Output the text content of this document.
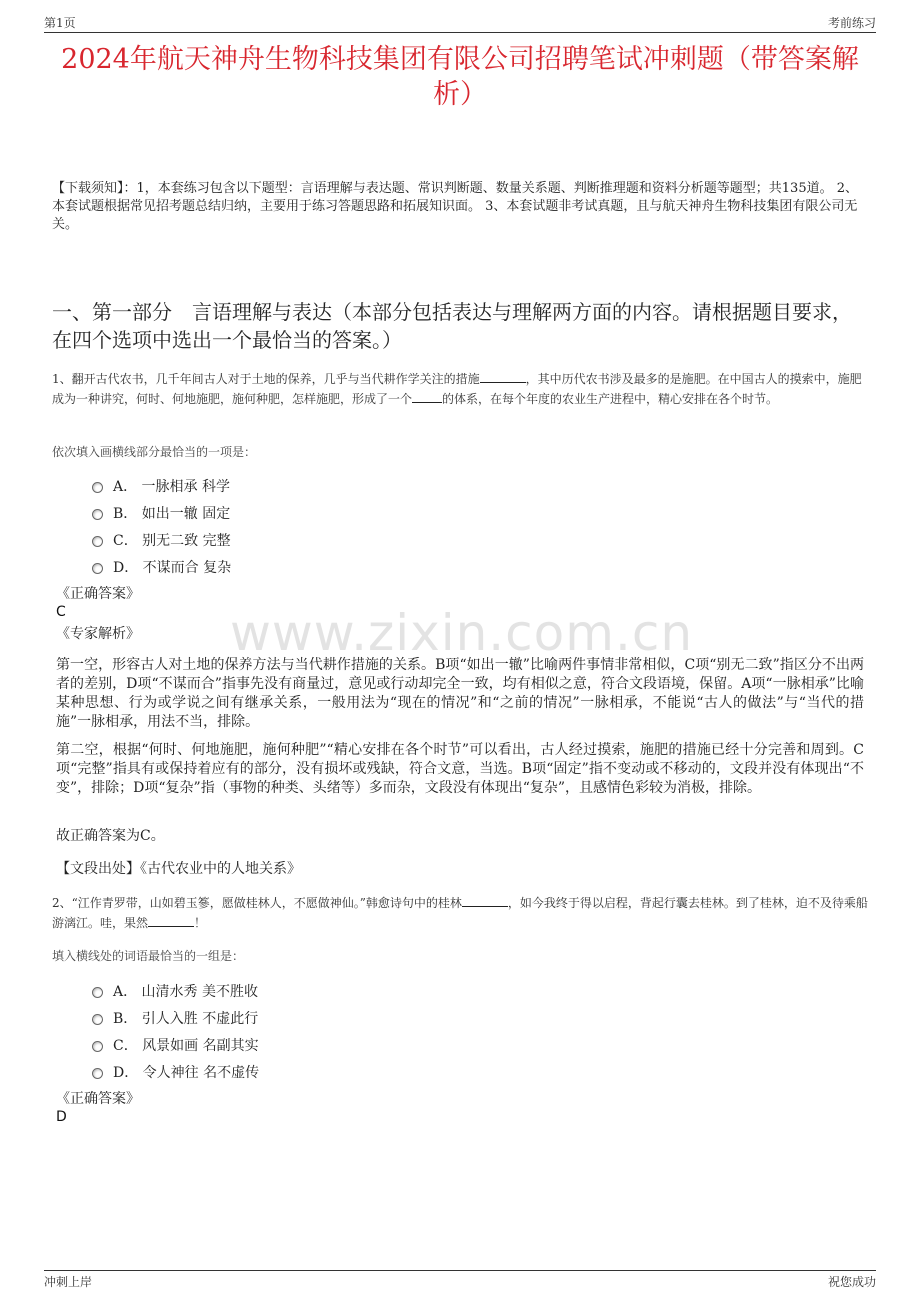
第1页	考前练习
2024年航天神舟生物科技集团有限公司招聘笔试冲刺题（带答案解析）
【下载须知】：1，本套练习包含以下题型：言语理解与表达题、常识判断题、数量关系题、判断推理题和资料分析题等题型；共135道。 2、本套试题根据常见招考题总结归纳，主要用于练习答题思路和拓展知识面。 3、本套试题非考试真题，且与航天神舟生物科技集团有限公司无关。
一、第一部分　言语理解与表达（本部分包括表达与理解两方面的内容。请根据题目要求，在四个选项中选出一个最恰当的答案。）
www.zixin.com.cn
1、翻开古代农书，几千年间古人对于土地的保养，几乎与当代耕作学关注的措施	，其中历代农书涉及最多的是施肥。在中国古人的摸索中，施肥成为一种讲究，何时、何地施肥，施何种肥，怎样施肥，形成了一个	的体系，在每个年度的农业生产进程中，精心安排在各个时节。
依次填入画横线部分最恰当的一项是：
A． 一脉相承 科学
B． 如出一辙 固定
C． 别无二致 完整
D． 不谋而合 复杂
《正确答案》
C
《专家解析》
第一空，形容古人对土地的保养方法与当代耕作措施的关系。B项“如出一辙”比喻两件事情非常相似，C项“别无二致”指区分不出两者的差别，D项“不谋而合”指事先没有商量过，意见或行动却完全一致，均有相似之意，符合文段语境，保留。A项“一脉相承”比喻某种思想、行为或学说之间有继承关系，一般用法为“现在的情况”和“之前的情况”一脉相承，不能说“古人的做法”与“当代的措施”一脉相承，用法不当，排除。
第二空，根据“何时、何地施肥，施何种肥”“精心安排在各个时节”可以看出，古人经过摸索，施肥的措施已经十分完善和周到。C项“完整”指具有或保持着应有的部分，没有损坏或残缺，符合文意，当选。B项“固定”指不变动或不移动的，文段并没有体现出“不变”，排除；D项“复杂”指（事物的种类、头绪等）多而杂，文段没有体现出“复杂”，且感情色彩较为消极，排除。
故正确答案为C。
【文段出处】《古代农业中的人地关系》
2、“江作青罗带，山如碧玉篸，愿做桂林人，不愿做神仙。”韩愈诗句中的桂林	，如今我终于得以启程，背起行囊去桂林。到了桂林，迫不及待乘船游漓江。哇，果然	！
填入横线处的词语最恰当的一组是：
A． 山清水秀 美不胜收
B． 引人入胜 不虚此行
C． 风景如画 名副其实
D． 令人神往 名不虚传
《正确答案》
D
冲刺上岸	祝您成功
